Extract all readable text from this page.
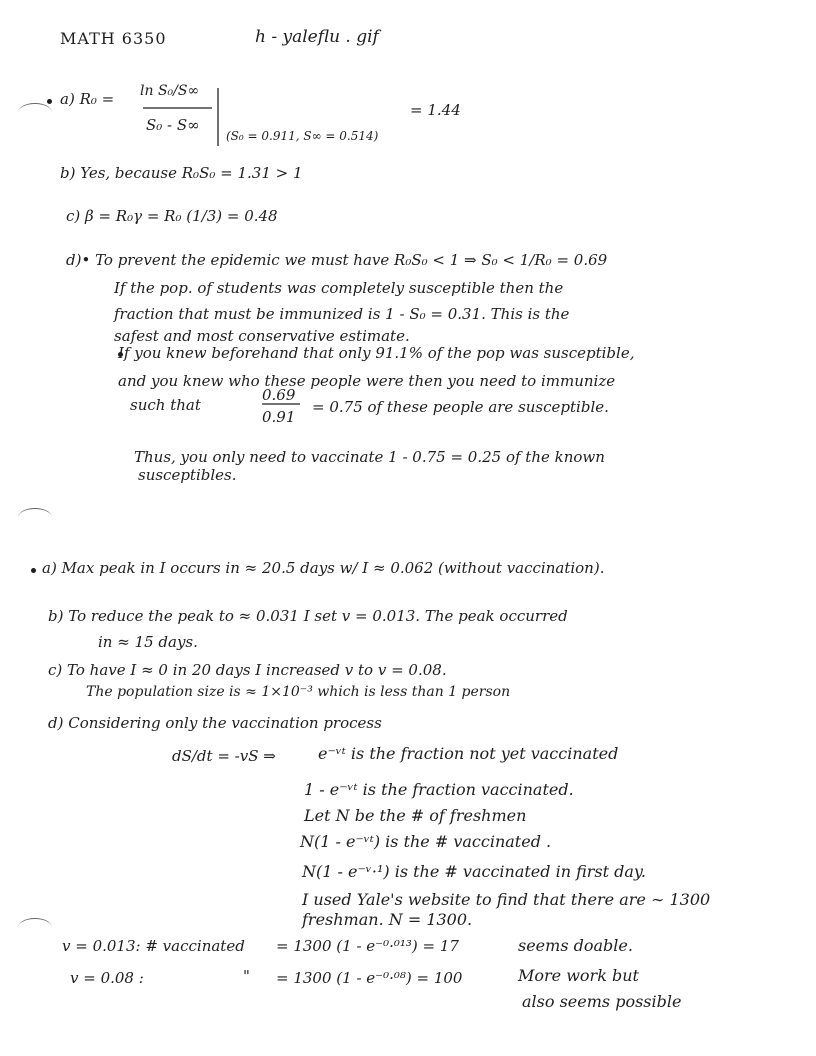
MATH 6350	h - yaleflu . gif
a) R₀ = ln S₀/S∞
S₀ - S∞
(S₀ = 0.911, S∞ = 0.514)
= 1.44
b) Yes, because R₀S₀ = 1.31 > 1
c) β = R₀γ = R₀ (1/3) = 0.48
d)• To prevent the epidemic we must have R₀S₀ < 1 ⇒ S₀ < 1/R₀ = 0.69
If the pop. of students was completely susceptible then the
fraction that must be immunized is 1 - S₀ = 0.31. This is the
safest and most conservative estimate.
If you knew beforehand that only 91.1% of the pop was susceptible,
and you knew who these people were then you need to immunize
such that
0.69
0.91
= 0.75 of these people are susceptible.
Thus, you only need to vaccinate 1 - 0.75 = 0.25 of the known
susceptibles.
a) Max peak in I occurs in ≈ 20.5 days w/ I ≈ 0.062 (without vaccination).
b) To reduce the peak to ≈ 0.031 I set v = 0.013. The peak occurred
in ≈ 15 days.
c) To have I ≈ 0 in 20 days I increased v to v = 0.08.
The population size is ≈ 1×10⁻³ which is less than 1 person
d) Considering only the vaccination process
dS/dt = -vS ⇒	e⁻ᵛᵗ is the fraction not yet vaccinated
1 - e⁻ᵛᵗ is the fraction vaccinated.
Let N be the # of freshmen
N(1 - e⁻ᵛᵗ) is the # vaccinated .
N(1 - e⁻ᵛ·¹) is the # vaccinated in first day.
I used Yale's website to find that there are ∼ 1300
freshman. N = 1300.
v = 0.013: # vaccinated = 1300 (1 - e⁻⁰·⁰¹³) = 17	seems doable.
v = 0.08 :	" = 1300 (1 - e⁻⁰·⁰⁸) = 100	More work but
also seems possible
